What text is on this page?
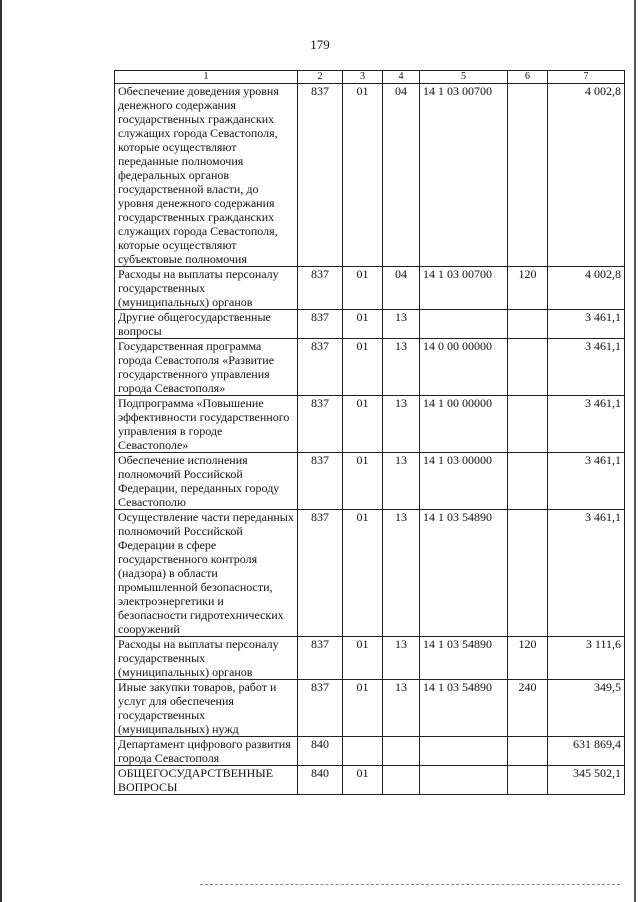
179
1	2	3	4	5	6	7
Обеспечение доведения уровня денежного содержания государственных гражданских служащих города Севастополя, которые осуществляют переданные полномочия федеральных органов государственной власти, до уровня денежного содержания государственных гражданских служащих города Севастополя, которые осуществляют субъектовые полномочия	837	01	04	14 1 03 00700		4 002,8
Расходы на выплаты персоналу государственных (муниципальных) органов	837	01	04	14 1 03 00700	120	4 002,8
Другие общегосударственные вопросы	837	01	13			3 461,1
Государственная программа города Севастополя «Развитие государственного управления города Севастополя»	837	01	13	14 0 00 00000		3 461,1
Подпрограмма «Повышение эффективности государственного управления в городе Севастополе»	837	01	13	14 1 00 00000		3 461,1
Обеспечение исполнения полномочий Российской Федерации, переданных городу Севастополю	837	01	13	14 1 03 00000		3 461,1
Осуществление части переданных полномочий Российской Федерации в сфере государственного контроля (надзора) в области промышленной безопасности, электроэнергетики и безопасности гидротехнических сооружений	837	01	13	14 1 03 54890		3 461,1
Расходы на выплаты персоналу государственных (муниципальных) органов	837	01	13	14 1 03 54890	120	3 111,6
Иные закупки товаров, работ и услуг для обеспечения государственных (муниципальных) нужд	837	01	13	14 1 03 54890	240	349,5
Департамент цифрового развития города Севастополя	840					631 869,4
ОБЩЕГОСУДАРСТВЕННЫЕ ВОПРОСЫ	840	01				345 502,1
